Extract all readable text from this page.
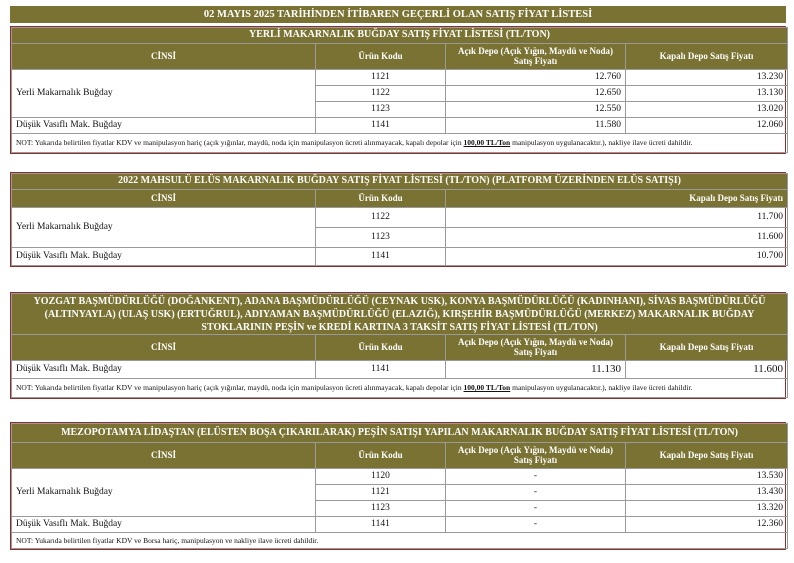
02 MAYIS 2025 TARİHİNDEN İTİBAREN GEÇERLİ OLAN SATIŞ FİYAT LİSTESİ
YERLİ MAKARNALIK BUĞDAY SATIŞ FİYAT LİSTESİ (TL/TON)			
CİNSİ	Ürün Kodu	Açık Depo (Açık Yığın, Maydü ve Noda) Satış Fiyatı	Kapalı Depo Satış Fiyatı
Yerli Makarnalık Buğday	1121	12.760	13.230
	1122	12.650	13.130
	1123	12.550	13.020
Düşük Vasıflı Mak. Buğday	1141	11.580	12.060
NOT: Yukarıda belirtilen fiyatlar KDV ve manipulasyon hariç (açık yığınlar, maydü, noda için manipulasyon ücreti alınmayacak, kapalı depolar için 100,00 TL/Ton manipulasyon uygulanacaktır.), nakliye ilave ücreti dahildir.			
2022 MAHSULÜ ELÜS MAKARNALIK BUĞDAY SATIŞ FİYAT LİSTESİ (TL/TON) (PLATFORM ÜZERİNDEN ELÜS SATIŞI)		
CİNSİ	Ürün Kodu	Kapalı Depo Satış Fiyatı
Yerli Makarnalık Buğday	1122	11.700
	1123	11.600
Düşük Vasıflı Mak. Buğday	1141	10.700
YOZGAT BAŞMÜDÜRLÜĞÜ (DOĞANKENT), ADANA BAŞMÜDÜRLÜĞÜ (CEYNAK USK), KONYA BAŞMÜDÜRLÜĞÜ (KADINHANI), SİVAS BAŞMÜDÜRLÜĞÜ
(ALTINYAYLA) (ULAŞ USK) (ERTUĞRUL), ADIYAMAN BAŞMÜDÜRLÜĞÜ (ELAZIĞ), KIRŞEHİR BAŞMÜDÜRLÜĞÜ (MERKEZ) MAKARNALIK BUĞDAY
STOKLARININ PEŞİN ve KREDİ KARTINA 3 TAKSİT SATIŞ FİYAT LİSTESİ (TL/TON)			

CİNSİ	Ürün Kodu	Açık Depo (Açık Yığın, Maydü ve Noda) Satış Fiyatı	Kapalı Depo Satış Fiyatı
Düşük Vasıflı Mak. Buğday	1141	11.130	11.600
NOT: Yukarıda belirtilen fiyatlar KDV ve manipulasyon hariç (açık yığınlar, maydü, noda için manipulasyon ücreti alınmayacak, kapalı depolar için 100,00 TL/Ton manipulasyon uygulanacaktır.), nakliye ilave ücreti dahildir.			
MEZOPOTAMYA LİDAŞTAN (ELÜSTEN BOŞA ÇIKARILARAK) PEŞİN SATIŞI YAPILAN MAKARNALIK BUĞDAY SATIŞ FİYAT LİSTESİ (TL/TON)			
CİNSİ	Ürün Kodu	Açık Depo (Açık Yığın, Maydü ve Noda) Satış Fiyatı	Kapalı Depo Satış Fiyatı
Yerli Makarnalık Buğday	1120	-	13.530
	1121	-	13.430
	1123	-	13.320
Düşük Vasıflı Mak. Buğday	1141	-	12.360
NOT: Yukarıda belirtilen fiyatlar KDV ve Borsa hariç, manipulasyon ve nakliye ilave ücreti dahildir.			
